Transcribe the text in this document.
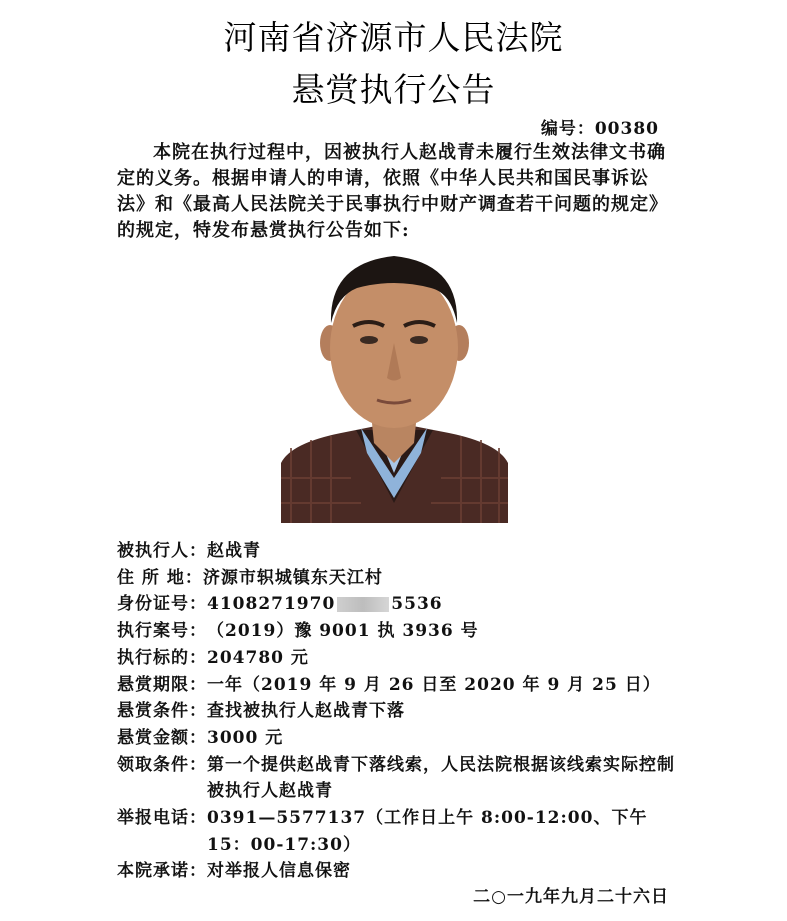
河南省济源市人民法院
悬赏执行公告
编号：00380
本院在执行过程中，因被执行人赵战青未履行生效法律文书确定的义务。根据申请人的申请，依照《中华人民共和国民事诉讼法》和《最高人民法院关于民事执行中财产调查若干问题的规定》的规定，特发布悬赏执行公告如下:
被执行人： 赵战青
住 所 地： 济源市轵城镇东天江村
身份证号： 4108271970	5536
执行案号： （2019）豫 9001 执 3936 号
执行标的： 204780 元
悬赏期限： 一年（2019 年 9 月 26 日至 2020 年 9 月 25 日）
悬赏条件： 查找被执行人赵战青下落
悬赏金额： 3000 元
领取条件： 第一个提供赵战青下落线索，人民法院根据该线索实际控制被执行人赵战青
举报电话： 0391—5577137（工作日上午 8:00-12:00、下午 15：00-17:30）
本院承诺： 对举报人信息保密
二○一九年九月二十六日
